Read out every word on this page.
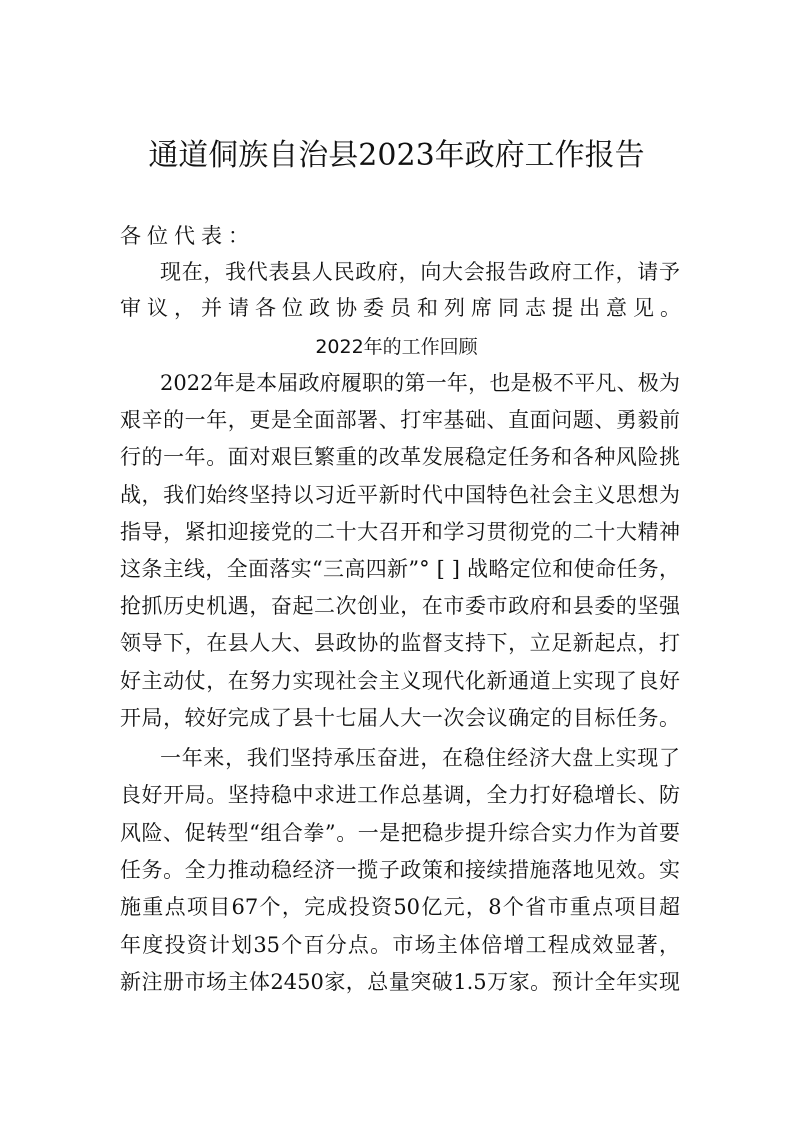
通道侗族自治县2023年政府工作报告
各位代表：
现在，我代表县人民政府，向大会报告政府工作，请予
审议，并请各位政协委员和列席同志提出意见。
2022年的工作回顾
2022年是本届政府履职的第一年，也是极不平凡、极为
艰辛的一年，更是全面部署、打牢基础、直面问题、勇毅前
行的一年。面对艰巨繁重的改革发展稳定任务和各种风险挑
战，我们始终坚持以习近平新时代中国特色社会主义思想为
指导，紧扣迎接党的二十大召开和学习贯彻党的二十大精神
这条主线，全面落实“三高四新”° [ ] 战略定位和使命任务，
抢抓历史机遇，奋起二次创业，在市委市政府和县委的坚强
领导下，在县人大、县政协的监督支持下，立足新起点，打
好主动仗，在努力实现社会主义现代化新通道上实现了良好
开局，较好完成了县十七届人大一次会议确定的目标任务。
一年来，我们坚持承压奋进，在稳住经济大盘上实现了
良好开局。坚持稳中求进工作总基调，全力打好稳增长、防
风险、促转型“组合拳”。一是把稳步提升综合实力作为首要
任务。全力推动稳经济一揽子政策和接续措施落地见效。实
施重点项目67个，完成投资50亿元，8个省市重点项目超
年度投资计划35个百分点。市场主体倍增工程成效显著，
新注册市场主体2450家，总量突破1.5万家。预计全年实现
